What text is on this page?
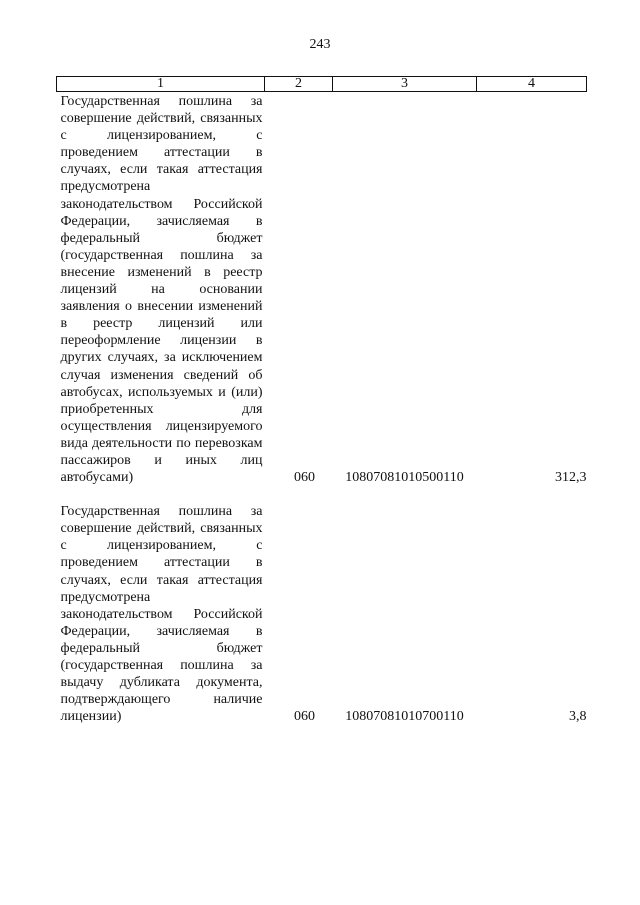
243
1	2	3	4
Государственная пошлина за совершение действий, связанных с лицензированием, с проведением аттестации в случаях, если такая аттестация предусмотрена законодательством Российской Федерации, зачисляемая в федеральный бюджет (государственная пошлина за внесение изменений в реестр лицензий на основании заявления о внесении изменений в реестр лицензий или переоформление лицензии в других случаях, за исключением случая изменения сведений об автобусах, используемых и (или) приобретенных для осуществления лицензируемого вида деятельности по перевозкам пассажиров и иных лиц автобусами)	060	10807081010500110	312,3
Государственная пошлина за совершение действий, связанных с лицензированием, с проведением аттестации в случаях, если такая аттестация предусмотрена законодательством Российской Федерации, зачисляемая в федеральный бюджет (государственная пошлина за выдачу дубликата документа, подтверждающего наличие лицензии)	060	10807081010700110	3,8
